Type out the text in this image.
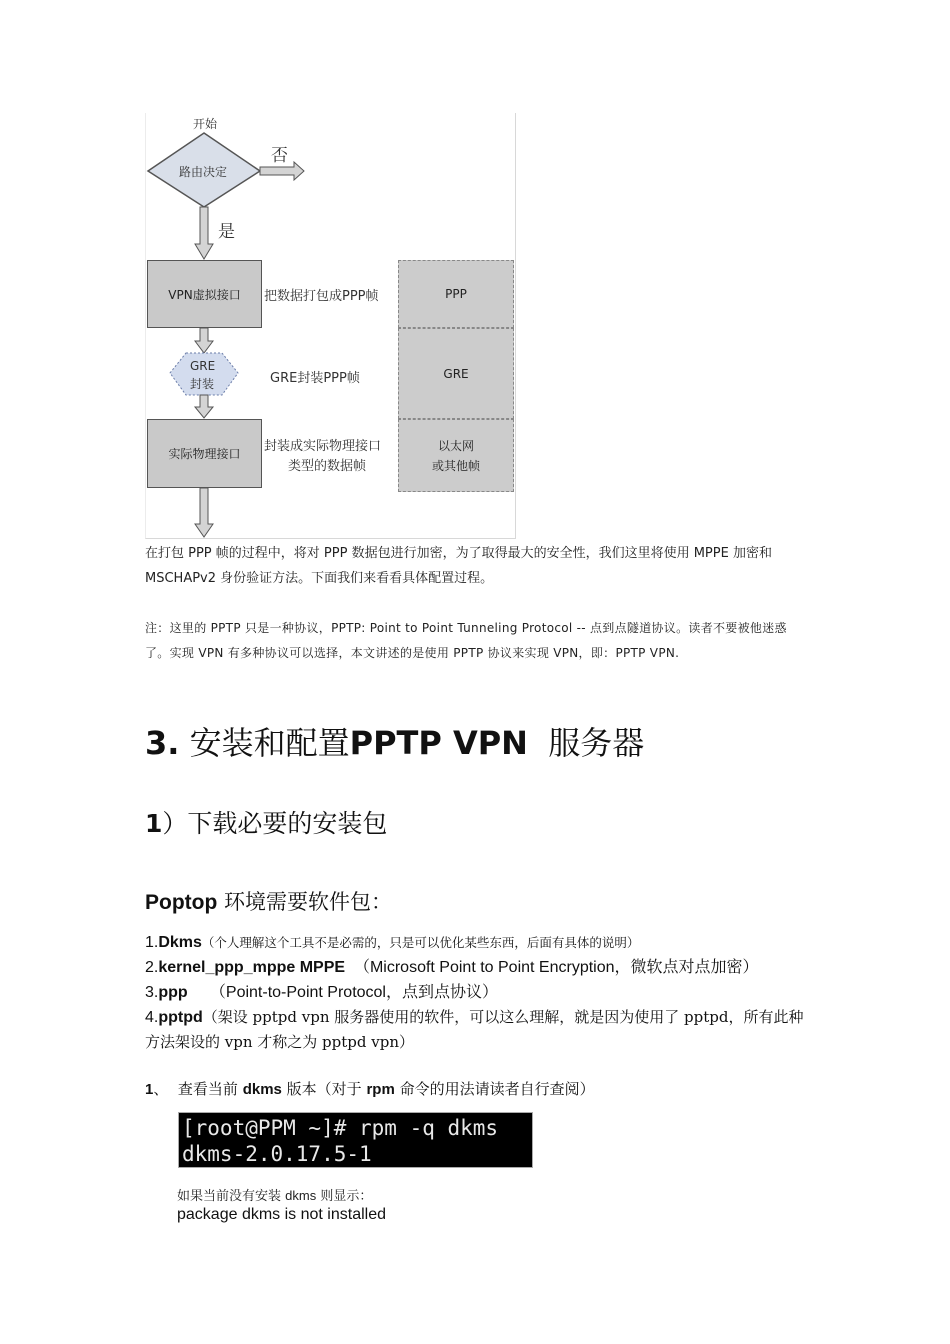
开始
路由决定
否
是
VPN虚拟接口
GRE
封装
实际物理接口
把数据打包成PPP帧
GRE封装PPP帧
封装成实际物理接口
类型的数据帧
PPP
GRE
以太网
或其他帧
在打包 PPP 帧的过程中，将对 PPP 数据包进行加密，为了取得最大的安全性，我们这里将使用 MPPE 加密和 MSCHAPv2 身份验证方法。下面我们来看看具体配置过程。
注：这里的 PPTP 只是一种协议，PPTP: Point to Point Tunneling Protocol -- 点到点隧道协议。读者不要被他迷惑了。实现 VPN 有多种协议可以选择，本文讲述的是使用 PPTP 协议来实现 VPN，即：PPTP VPN.
3. 安装和配置PPTP VPN 服务器
1）下载必要的安装包
Poptop 环境需要软件包：
1.Dkms（个人理解这个工具不是必需的，只是可以优化某些东西，后面有具体的说明）
2.kernel_ppp_mppe MPPE （Microsoft Point to Point Encryption，微软点对点加密）
3.ppp （Point-to-Point Protocol，点到点协议）
4.pptpd（架设 pptpd vpn 服务器使用的软件，可以这么理解，就是因为使用了 pptpd，所有此种方法架设的 vpn 才称之为 pptpd vpn）
1、 查看当前 dkms 版本（对于 rpm 命令的用法请读者自行查阅）
[root@PPM ~]# rpm -q dkms
dkms-2.0.17.5-1
如果当前没有安装 dkms 则显示：
package dkms is not installed
